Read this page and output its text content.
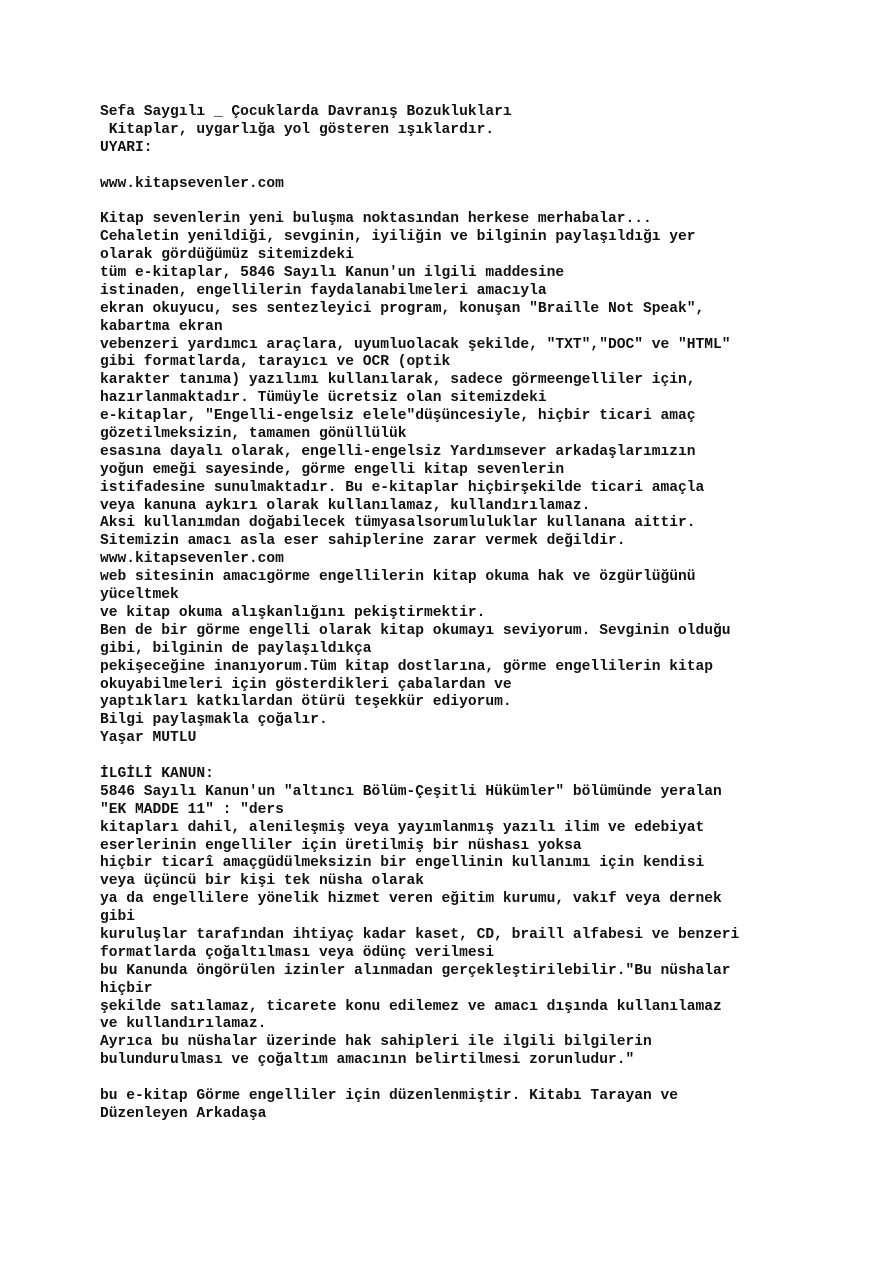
Sefa Saygılı _ Çocuklarda Davranış Bozuklukları
Kitaplar, uygarlığa yol gösteren ışıklardır.
UYARI:
www.kitapsevenler.com
Kitap sevenlerin yeni buluşma noktasından herkese merhabalar...
Cehaletin yenildiği, sevginin, iyiliğin ve bilginin paylaşıldığı yer
olarak gördüğümüz sitemizdeki
tüm e-kitaplar, 5846 Sayılı Kanun'un ilgili maddesine
istinaden, engellilerin faydalanabilmeleri amacıyla
ekran okuyucu, ses sentezleyici program, konuşan "Braille Not Speak",
kabartma ekran
vebenzeri yardımcı araçlara, uyumluolacak şekilde, "TXT","DOC" ve "HTML"
gibi formatlarda, tarayıcı ve OCR (optik
karakter tanıma) yazılımı kullanılarak, sadece görmeengelliler için,
hazırlanmaktadır. Tümüyle ücretsiz olan sitemizdeki
e-kitaplar, "Engelli-engelsiz elele"düşüncesiyle, hiçbir ticari amaç
gözetilmeksizin, tamamen gönüllülük
esasına dayalı olarak, engelli-engelsiz Yardımsever arkadaşlarımızın
yoğun emeği sayesinde, görme engelli kitap sevenlerin
istifadesine sunulmaktadır. Bu e-kitaplar hiçbirşekilde ticari amaçla
veya kanuna aykırı olarak kullanılamaz, kullandırılamaz.
Aksi kullanımdan doğabilecek tümyasalsorumluluklar kullanana aittir.
Sitemizin amacı asla eser sahiplerine zarar vermek değildir.
www.kitapsevenler.com
web sitesinin amacıgörme engellilerin kitap okuma hak ve özgürlüğünü
yüceltmek
ve kitap okuma alışkanlığını pekiştirmektir.
Ben de bir görme engelli olarak kitap okumayı seviyorum. Sevginin olduğu
gibi, bilginin de paylaşıldıkça
pekişeceğine inanıyorum.Tüm kitap dostlarına, görme engellilerin kitap
okuyabilmeleri için gösterdikleri çabalardan ve
yaptıkları katkılardan ötürü teşekkür ediyorum.
Bilgi paylaşmakla çoğalır.
Yaşar MUTLU
İLGİLİ KANUN:
5846 Sayılı Kanun'un "altıncı Bölüm-Çeşitli Hükümler" bölümünde yeralan
"EK MADDE 11" : "ders
kitapları dahil, alenileşmiş veya yayımlanmış yazılı ilim ve edebiyat
eserlerinin engelliler için üretilmiş bir nüshası yoksa
hiçbir ticarî amaçgüdülmeksizin bir engellinin kullanımı için kendisi
veya üçüncü bir kişi tek nüsha olarak
ya da engellilere yönelik hizmet veren eğitim kurumu, vakıf veya dernek
gibi
kuruluşlar tarafından ihtiyaç kadar kaset, CD, braill alfabesi ve benzeri
formatlarda çoğaltılması veya ödünç verilmesi
bu Kanunda öngörülen izinler alınmadan gerçekleştirilebilir."Bu nüshalar
hiçbir
şekilde satılamaz, ticarete konu edilemez ve amacı dışında kullanılamaz
ve kullandırılamaz.
Ayrıca bu nüshalar üzerinde hak sahipleri ile ilgili bilgilerin
bulundurulması ve çoğaltım amacının belirtilmesi zorunludur."
bu e-kitap Görme engelliler için düzenlenmiştir. Kitabı Tarayan ve
Düzenleyen Arkadaşa
